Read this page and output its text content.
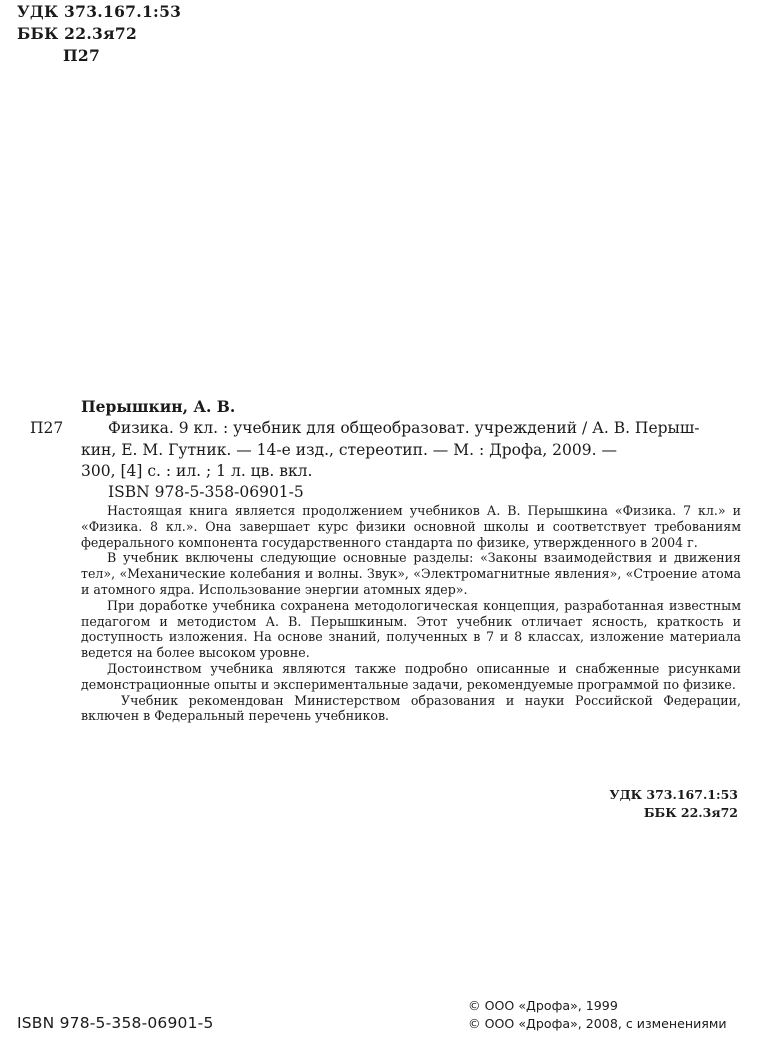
УДК 373.167.1:53
ББК 22.3я72
П27
Перышкин, А. В.
П27	Физика. 9 кл. : учебник для общеобразоват. учреждений / А. В. Перыш-
кин, Е. М. Гутник. — 14-е изд., стереотип. — М. : Дрофа, 2009. —
300, [4] с. : ил. ; 1 л. цв. вкл.
ISBN 978-5-358-06901-5

Настоящая книга является продолжением учебников А. В. Перышкина «Физика. 7 кл.» и «Физика. 8 кл.». Она завершает курс физики основной школы и соответствует требованиям федерального компонента государственного стандарта по физике, утвержденного в 2004 г.

В учебник включены следующие основные разделы: «Законы взаимодействия и движения тел», «Механические колебания и волны. Звук», «Электромагнитные явления», «Строение атома и атомного ядра. Использование энергии атомных ядер».

При доработке учебника сохранена методологическая концепция, разработанная известным педагогом и методистом А. В. Перышкиным. Этот учебник отличает ясность, краткость и доступность изложения. На основе знаний, полученных в 7 и 8 классах, изложение материала ведется на более высоком уровне.

Достоинством учебника являются также подробно описанные и снабженные рисунками демонстрационные опыты и экспериментальные задачи, рекомендуемые программой по физике.

Учебник рекомендован Министерством образования и науки Российской Федерации, включен в Федеральный перечень учебников.

УДК 373.167.1:53
ББК 22.3я72
ISBN 978-5-358-06901-5
© ООО «Дрофа», 1999
© ООО «Дрофа», 2008, с изменениями
